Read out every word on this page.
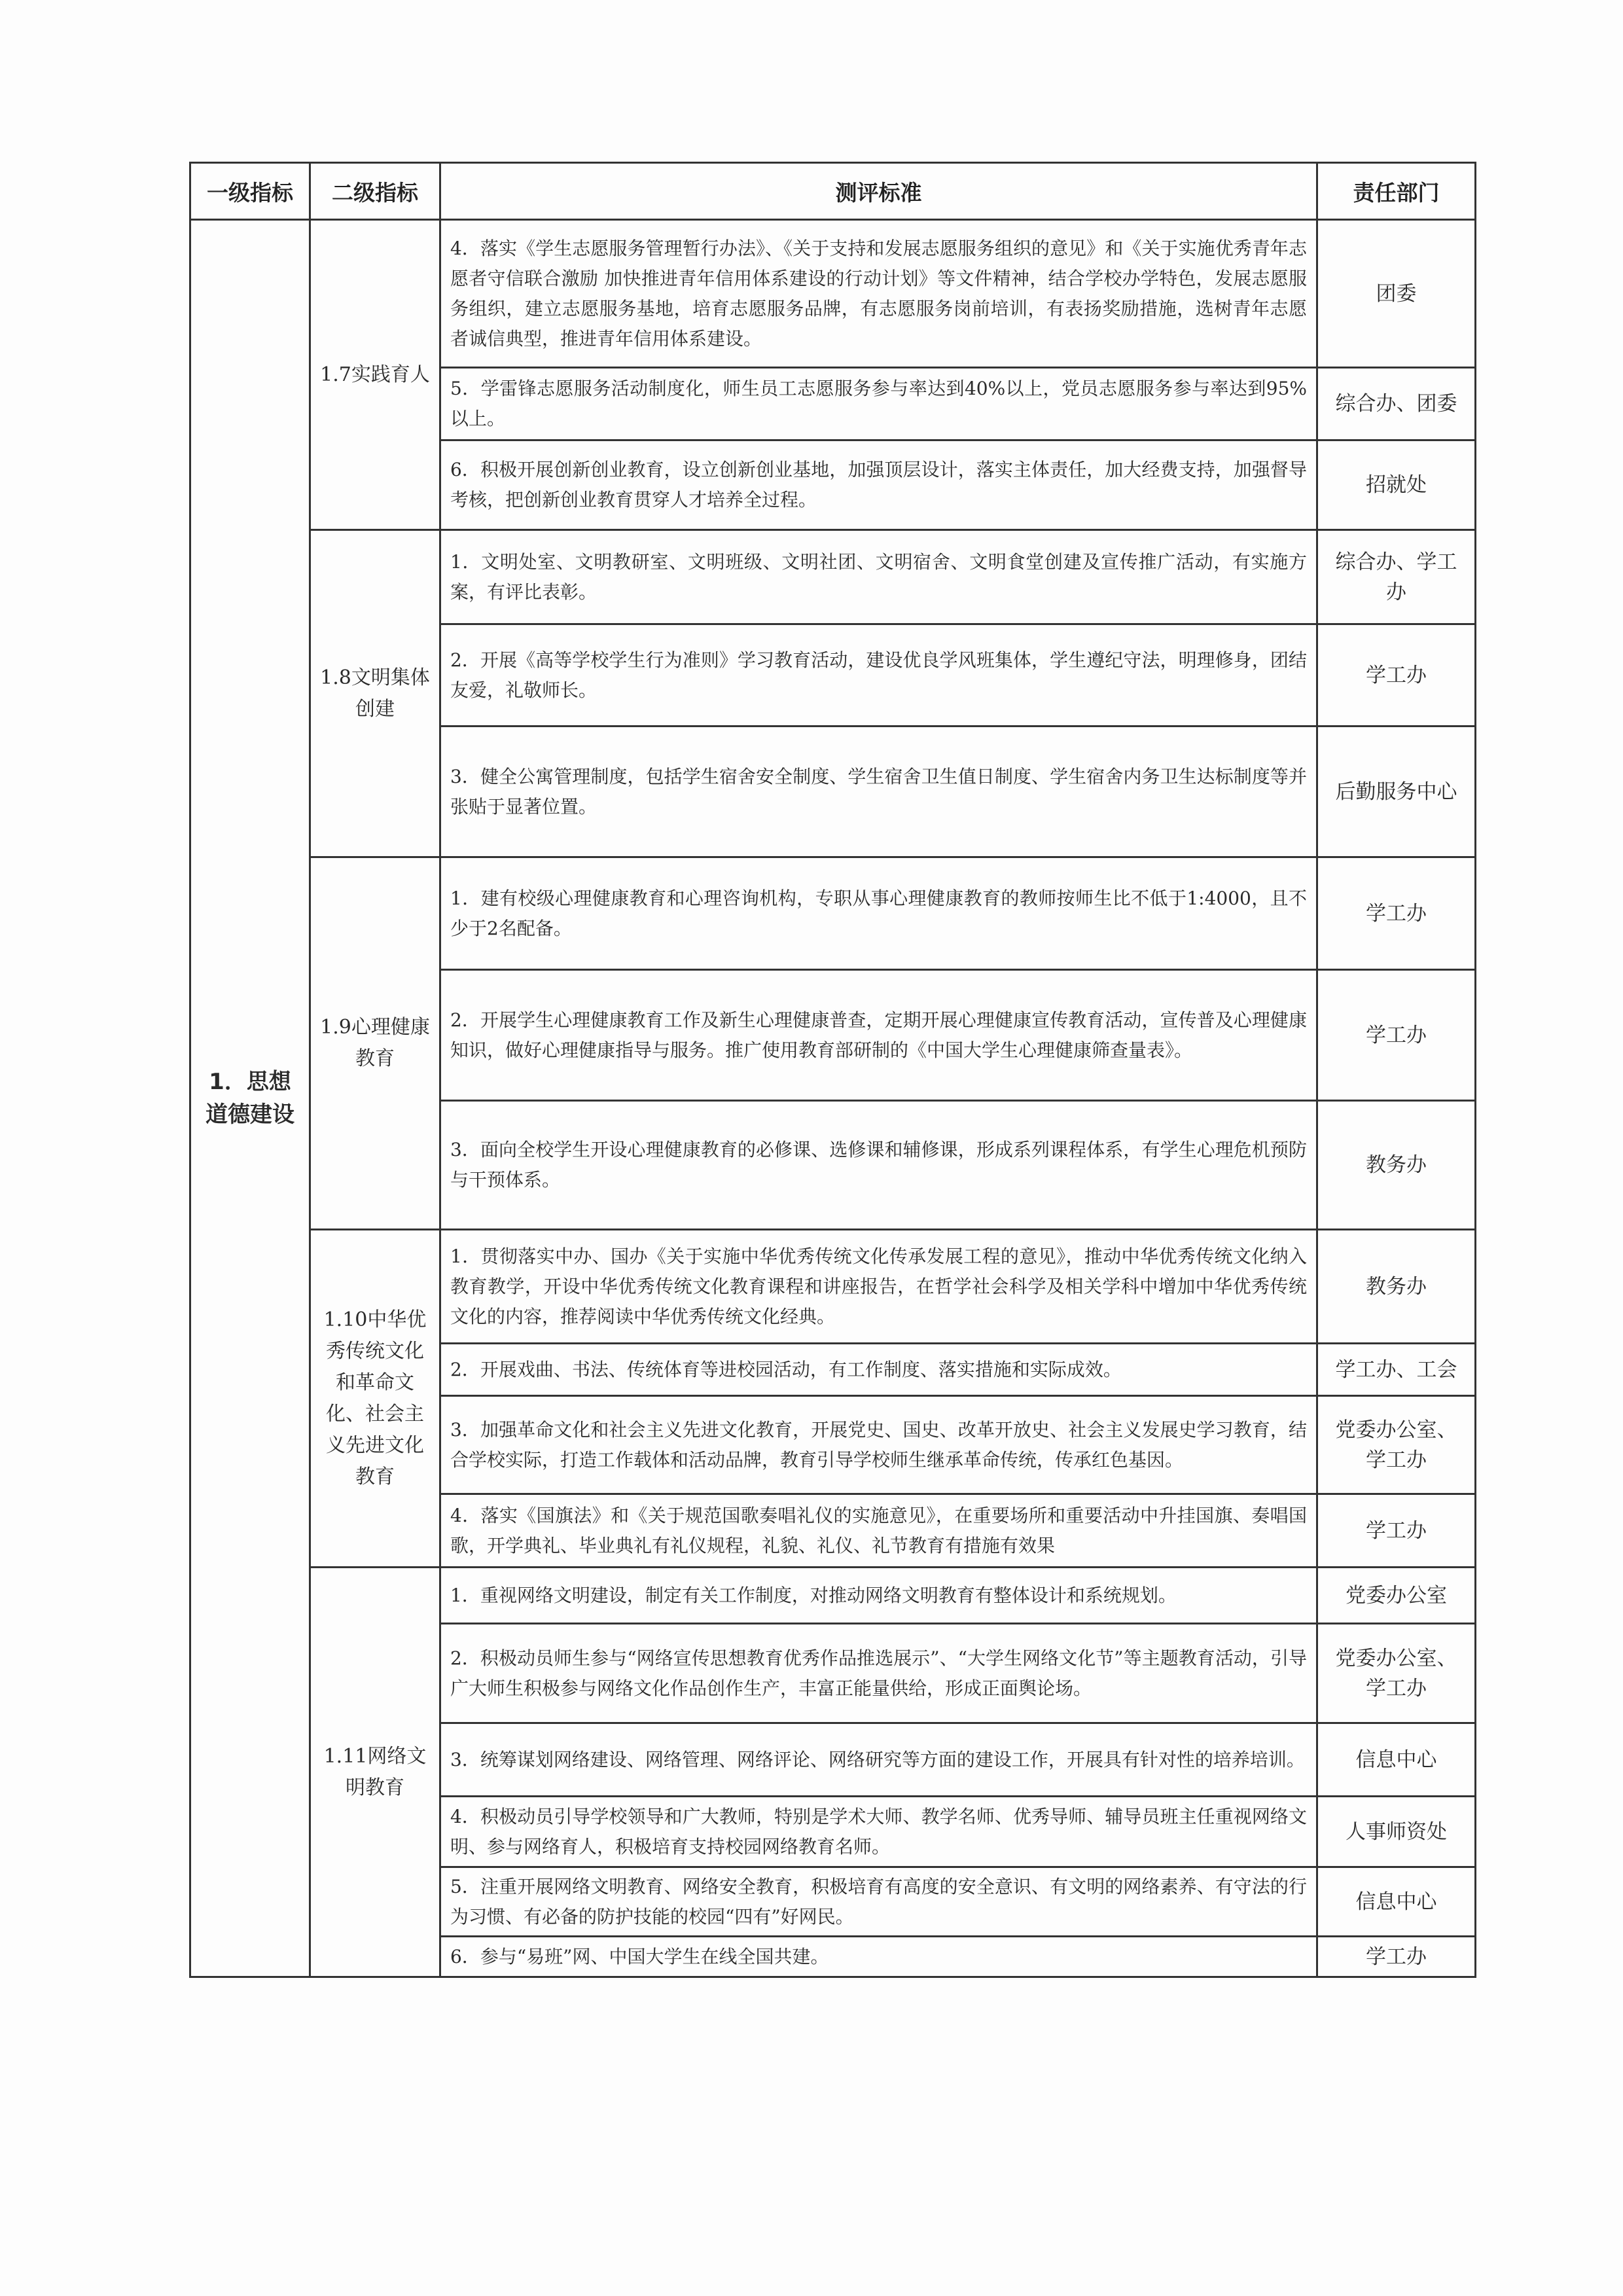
一级指标	二级指标	测评标准	责任部门
1．思想道德建设	1.7实践育人	4．落实《学生志愿服务管理暂行办法》、《关于支持和发展志愿服务组织的意见》和《关于实施优秀青年志愿者守信联合激励 加快推进青年信用体系建设的行动计划》等文件精神，结合学校办学特色，发展志愿服务组织，建立志愿服务基地，培育志愿服务品牌，有志愿服务岗前培训，有表扬奖励措施，选树青年志愿者诚信典型，推进青年信用体系建设。	团委
		5．学雷锋志愿服务活动制度化，师生员工志愿服务参与率达到40%以上，党员志愿服务参与率达到95%以上。	综合办、团委
		6．积极开展创新创业教育，设立创新创业基地，加强顶层设计，落实主体责任，加大经费支持，加强督导考核，把创新创业教育贯穿人才培养全过程。	招就处
	1.8文明集体创建	1．文明处室、文明教研室、文明班级、文明社团、文明宿舍、文明食堂创建及宣传推广活动，有实施方案，有评比表彰。	综合办、学工办
		2．开展《高等学校学生行为准则》学习教育活动，建设优良学风班集体，学生遵纪守法，明理修身，团结友爱，礼敬师长。	学工办
		3．健全公寓管理制度，包括学生宿舍安全制度、学生宿舍卫生值日制度、学生宿舍内务卫生达标制度等并张贴于显著位置。	后勤服务中心
	1.9心理健康教育	1．建有校级心理健康教育和心理咨询机构，专职从事心理健康教育的教师按师生比不低于1:4000，且不少于2名配备。	学工办
		2．开展学生心理健康教育工作及新生心理健康普查，定期开展心理健康宣传教育活动，宣传普及心理健康知识，做好心理健康指导与服务。推广使用教育部研制的《中国大学生心理健康筛查量表》。	学工办
		3．面向全校学生开设心理健康教育的必修课、选修课和辅修课，形成系列课程体系，有学生心理危机预防与干预体系。	教务办
	1.10中华优秀传统文化和革命文化、社会主义先进文化教育	1．贯彻落实中办、国办《关于实施中华优秀传统文化传承发展工程的意见》，推动中华优秀传统文化纳入教育教学，开设中华优秀传统文化教育课程和讲座报告，在哲学社会科学及相关学科中增加中华优秀传统文化的内容，推荐阅读中华优秀传统文化经典。	教务办
		2．开展戏曲、书法、传统体育等进校园活动，有工作制度、落实措施和实际成效。	学工办、工会
		3．加强革命文化和社会主义先进文化教育，开展党史、国史、改革开放史、社会主义发展史学习教育，结合学校实际，打造工作载体和活动品牌，教育引导学校师生继承革命传统，传承红色基因。	党委办公室、学工办
		4．落实《国旗法》和《关于规范国歌奏唱礼仪的实施意见》，在重要场所和重要活动中升挂国旗、奏唱国歌，开学典礼、毕业典礼有礼仪规程，礼貌、礼仪、礼节教育有措施有效果	学工办
	1.11网络文明教育	1．重视网络文明建设，制定有关工作制度，对推动网络文明教育有整体设计和系统规划。	党委办公室
		2．积极动员师生参与“网络宣传思想教育优秀作品推选展示”、“大学生网络文化节”等主题教育活动，引导广大师生积极参与网络文化作品创作生产，丰富正能量供给，形成正面舆论场。	党委办公室、学工办
		3．统筹谋划网络建设、网络管理、网络评论、网络研究等方面的建设工作，开展具有针对性的培养培训。	信息中心
		4．积极动员引导学校领导和广大教师，特别是学术大师、教学名师、优秀导师、辅导员班主任重视网络文明、参与网络育人，积极培育支持校园网络教育名师。	人事师资处
		5．注重开展网络文明教育、网络安全教育，积极培育有高度的安全意识、有文明的网络素养、有守法的行为习惯、有必备的防护技能的校园“四有”好网民。	信息中心
		6．参与“易班”网、中国大学生在线全国共建。	学工办
